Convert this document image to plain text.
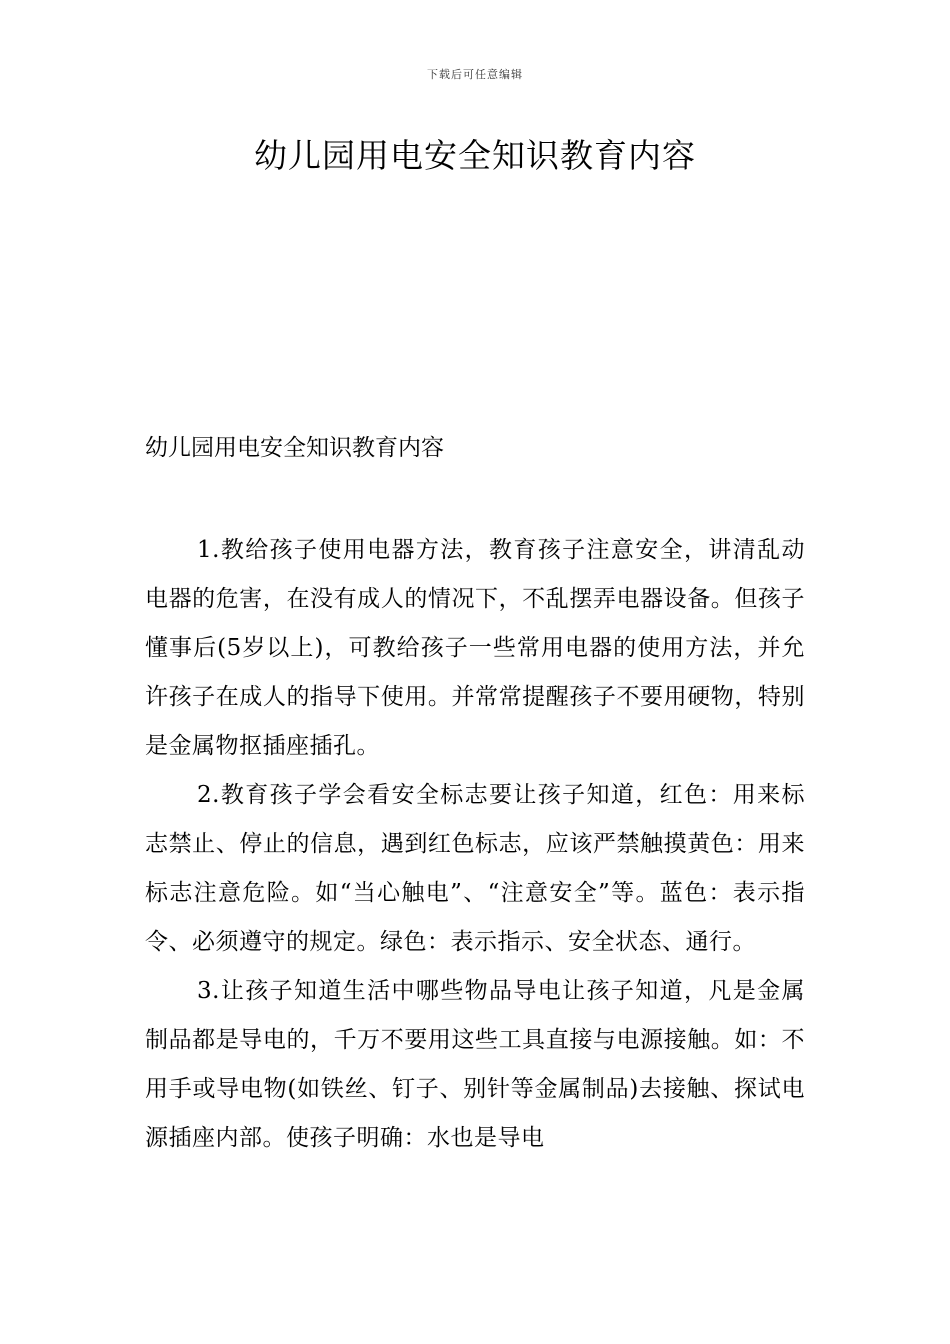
下载后可任意编辑
幼儿园用电安全知识教育内容

幼儿园用电安全知识教育内容

1.教给孩子使用电器方法，教育孩子注意安全，讲清乱动电器的危害，在没有成人的情况下，不乱摆弄电器设备。但孩子懂事后(5岁以上)，可教给孩子一些常用电器的使用方法，并允许孩子在成人的指导下使用。并常常提醒孩子不要用硬物，特别是金属物抠插座插孔。

2.教育孩子学会看安全标志要让孩子知道，红色：用来标志禁止、停止的信息，遇到红色标志，应该严禁触摸黄色：用来标志注意危险。如“当心触电”、“注意安全”等。蓝色：表示指令、必须遵守的规定。绿色：表示指示、安全状态、通行。

3.让孩子知道生活中哪些物品导电让孩子知道，凡是金属制品都是导电的，千万不要用这些工具直接与电源接触。如：不用手或导电物(如铁丝、钉子、别针等金属制品)去接触、探试电源插座内部。使孩子明确：水也是导电
